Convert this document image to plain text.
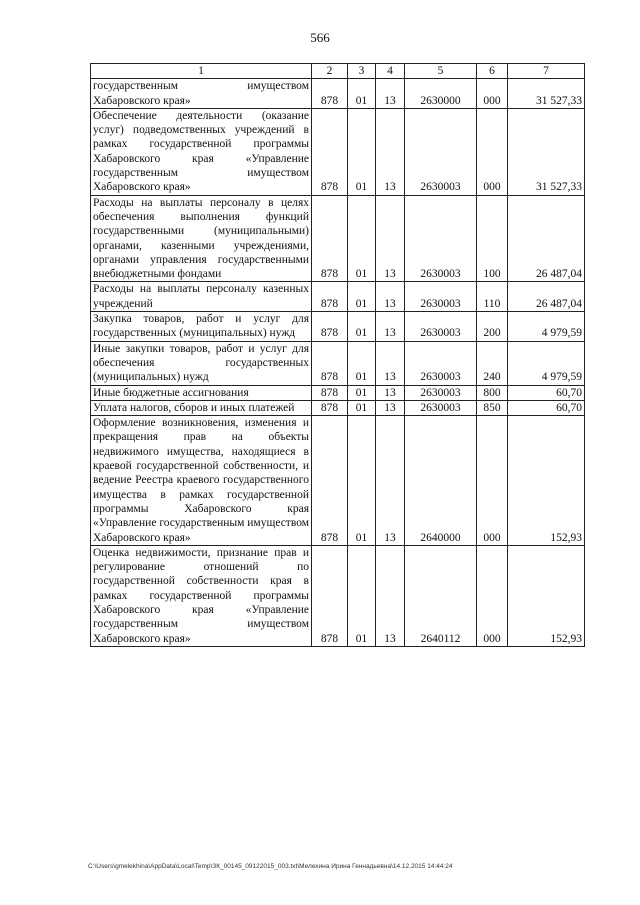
566
1	2	3	4	5	6	7
государственным имуществом Хабаровского края»	878	01	13	2630000	000	31 527,33
Обеспечение деятельности (оказание услуг) подведомственных учреждений в рамках государственной программы Хабаровского края «Управление государственным имуществом Хабаровского края»	878	01	13	2630003	000	31 527,33
Расходы на выплаты персоналу в целях обеспечения выполнения функций государственными (муниципальными) органами, казенными учреждениями, органами управления государственными внебюджетными фондами	878	01	13	2630003	100	26 487,04
Расходы на выплаты персоналу казенных учреждений	878	01	13	2630003	110	26 487,04
Закупка товаров, работ и услуг для государственных (муниципальных) нужд	878	01	13	2630003	200	4 979,59
Иные закупки товаров, работ и услуг для обеспечения государственных (муниципальных) нужд	878	01	13	2630003	240	4 979,59
Иные бюджетные ассигнования	878	01	13	2630003	800	60,70
Уплата налогов, сборов и иных платежей	878	01	13	2630003	850	60,70
Оформление возникновения, изменения и прекращения прав на объекты недвижимого имущества, находящиеся в краевой государственной собственности, и ведение Реестра краевого государственного имущества в рамках государственной программы Хабаровского края «Управление государственным имуществом Хабаровского края»	878	01	13	2640000	000	152,93
Оценка недвижимости, признание прав и регулирование отношений по государственной собственности края в рамках государственной программы Хабаровского края «Управление государственным имуществом Хабаровского края»	878	01	13	2640112	000	152,93
C:\Users\gmelekhina\AppData\Local\Temp\ЗК_00145_09122015_003.txt\Мелехина Ирина Геннадьевна\14.12.2015 14:44:24
